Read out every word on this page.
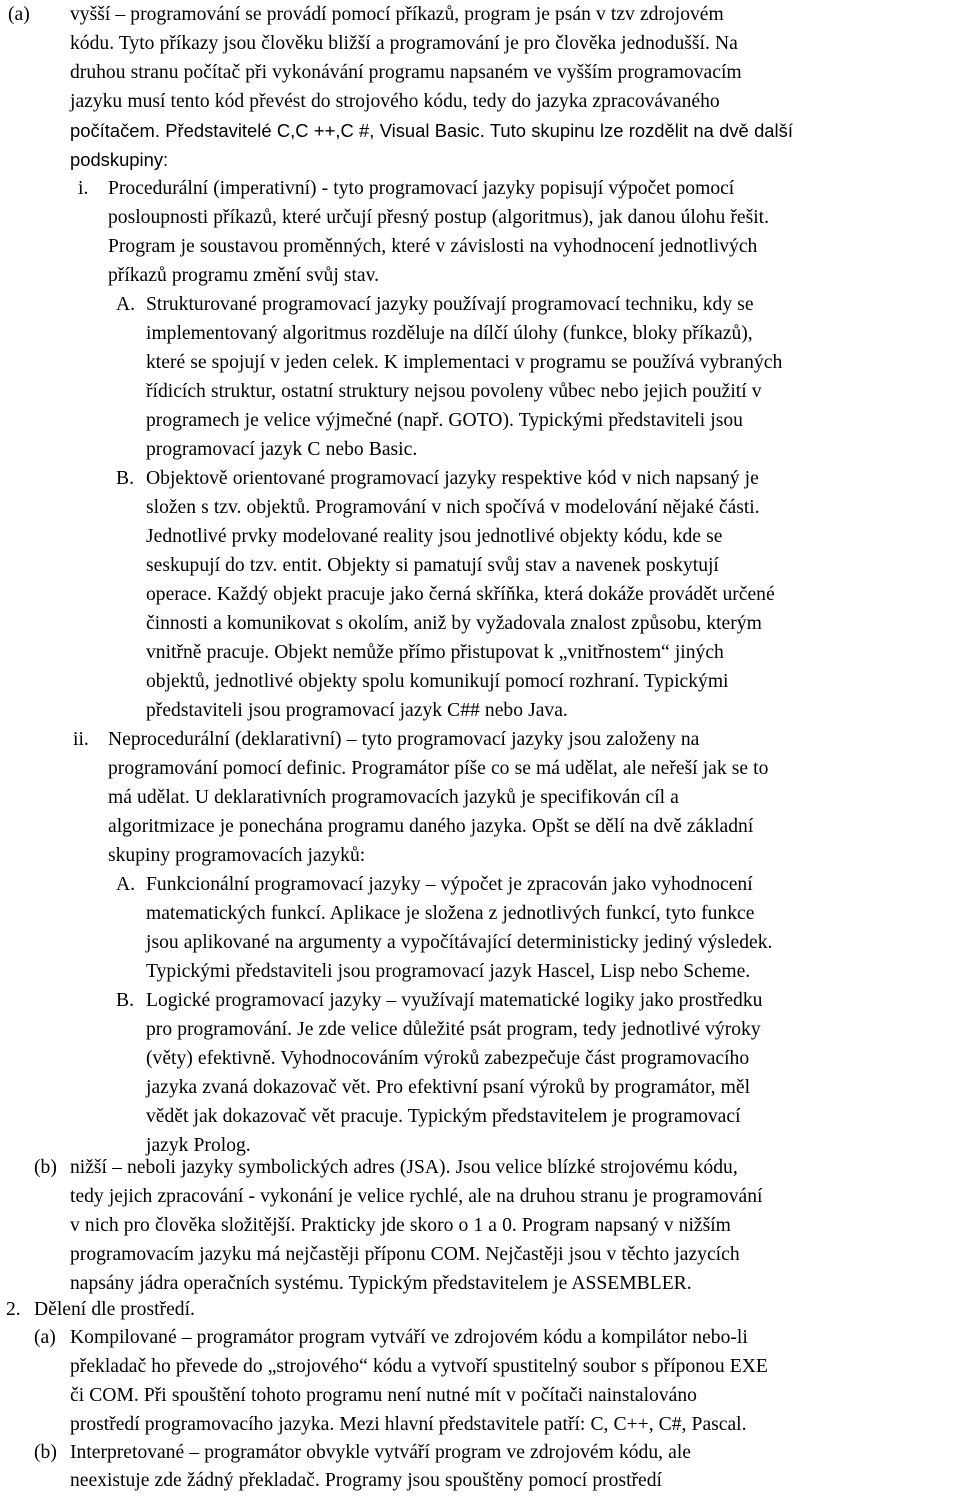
(a) vyšší – programování se provádí pomocí příkazů, program je psán v tzv zdrojovém
kódu. Tyto příkazy jsou člověku bližší a programování je pro člověka jednodušší. Na
druhou stranu počítač při vykonávání programu napsaném ve vyšším programovacím
jazyku musí tento kód převést do strojového kódu, tedy do jazyka zpracovávaného
počítačem. Představitelé C,C ++,C #, Visual Basic. Tuto skupinu lze rozdělit na dvě další
podskupiny:
i. Procedurální (imperativní) - tyto programovací jazyky popisují výpočet pomocí
posloupnosti příkazů, které určují přesný postup (algoritmus), jak danou úlohu řešit.
Program je soustavou proměnných, které v závislosti na vyhodnocení jednotlivých
příkazů programu změní svůj stav.
A. Strukturované programovací jazyky používají programovací techniku, kdy se
implementovaný algoritmus rozděluje na dílčí úlohy (funkce, bloky příkazů),
které se spojují v jeden celek. K implementaci v programu se používá vybraných
řídicích struktur, ostatní struktury nejsou povoleny vůbec nebo jejich použití v
programech je velice výjmečné (např. GOTO). Typickými představiteli jsou
programovací jazyk C nebo Basic.
B. Objektově orientované programovací jazyky respektive kód v nich napsaný je
složen s tzv. objektů. Programování v nich spočívá v modelování nějaké části.
Jednotlivé prvky modelované reality jsou jednotlivé objekty kódu, kde se
seskupují do tzv. entit. Objekty si pamatují svůj stav a navenek poskytují
operace. Každý objekt pracuje jako černá skříňka, která dokáže provádět určené
činnosti a komunikovat s okolím, aniž by vyžadovala znalost způsobu, kterým
vnitřně pracuje. Objekt nemůže přímo přistupovat k „vnitřnostem“ jiných
objektů, jednotlivé objekty spolu komunikují pomocí rozhraní. Typickými
představiteli jsou programovací jazyk C## nebo Java.
ii. Neprocedurální (deklarativní) – tyto programovací jazyky jsou založeny na
programování pomocí definic. Programátor píše co se má udělat, ale neřeší jak se to
má udělat. U deklarativních programovacích jazyků je specifikován cíl a
algoritmizace je ponechána programu daného jazyka. Opšt se dělí na dvě základní
skupiny programovacích jazyků:
A. Funkcionální programovací jazyky – výpočet je zpracován jako vyhodnocení
matematických funkcí. Aplikace je složena z jednotlivých funkcí, tyto funkce
jsou aplikované na argumenty a vypočítávající deterministicky jediný výsledek.
Typickými představiteli jsou programovací jazyk Hascel, Lisp nebo Scheme.
B. Logické programovací jazyky – využívají matematické logiky jako prostředku
pro programování. Je zde velice důležité psát program, tedy jednotlivé výroky
(věty) efektivně. Vyhodnocováním výroků zabezpečuje část programovacího
jazyka zvaná dokazovač vět. Pro efektivní psaní výroků by programátor, měl
vědět jak dokazovač vět pracuje. Typickým představitelem je programovací
jazyk Prolog.
(b) nižší – neboli jazyky symbolických adres (JSA). Jsou velice blízké strojovému kódu,
tedy jejich zpracování - vykonání je velice rychlé, ale na druhou stranu je programování
v nich pro člověka složitější. Prakticky jde skoro o 1 a 0. Program napsaný v nižším
programovacím jazyku má nejčastěji příponu COM. Nejčastěji jsou v těchto jazycích
napsány jádra operačních systému. Typickým představitelem je ASSEMBLER.
2. Dělení dle prostředí.
(a) Kompilované – programátor program vytváří ve zdrojovém kódu a kompilátor nebo-li
překladač ho převede do „strojového“ kódu a vytvoří spustitelný soubor s příponou EXE
či COM. Při spouštění tohoto programu není nutné mít v počítači nainstalováno
prostředí programovacího jazyka. Mezi hlavní představitele patří: C, C++, C#, Pascal.
(b) Interpretované – programátor obvykle vytváří program ve zdrojovém kódu, ale
neexistuje zde žádný překladač. Programy jsou spouštěny pomocí prostředí
